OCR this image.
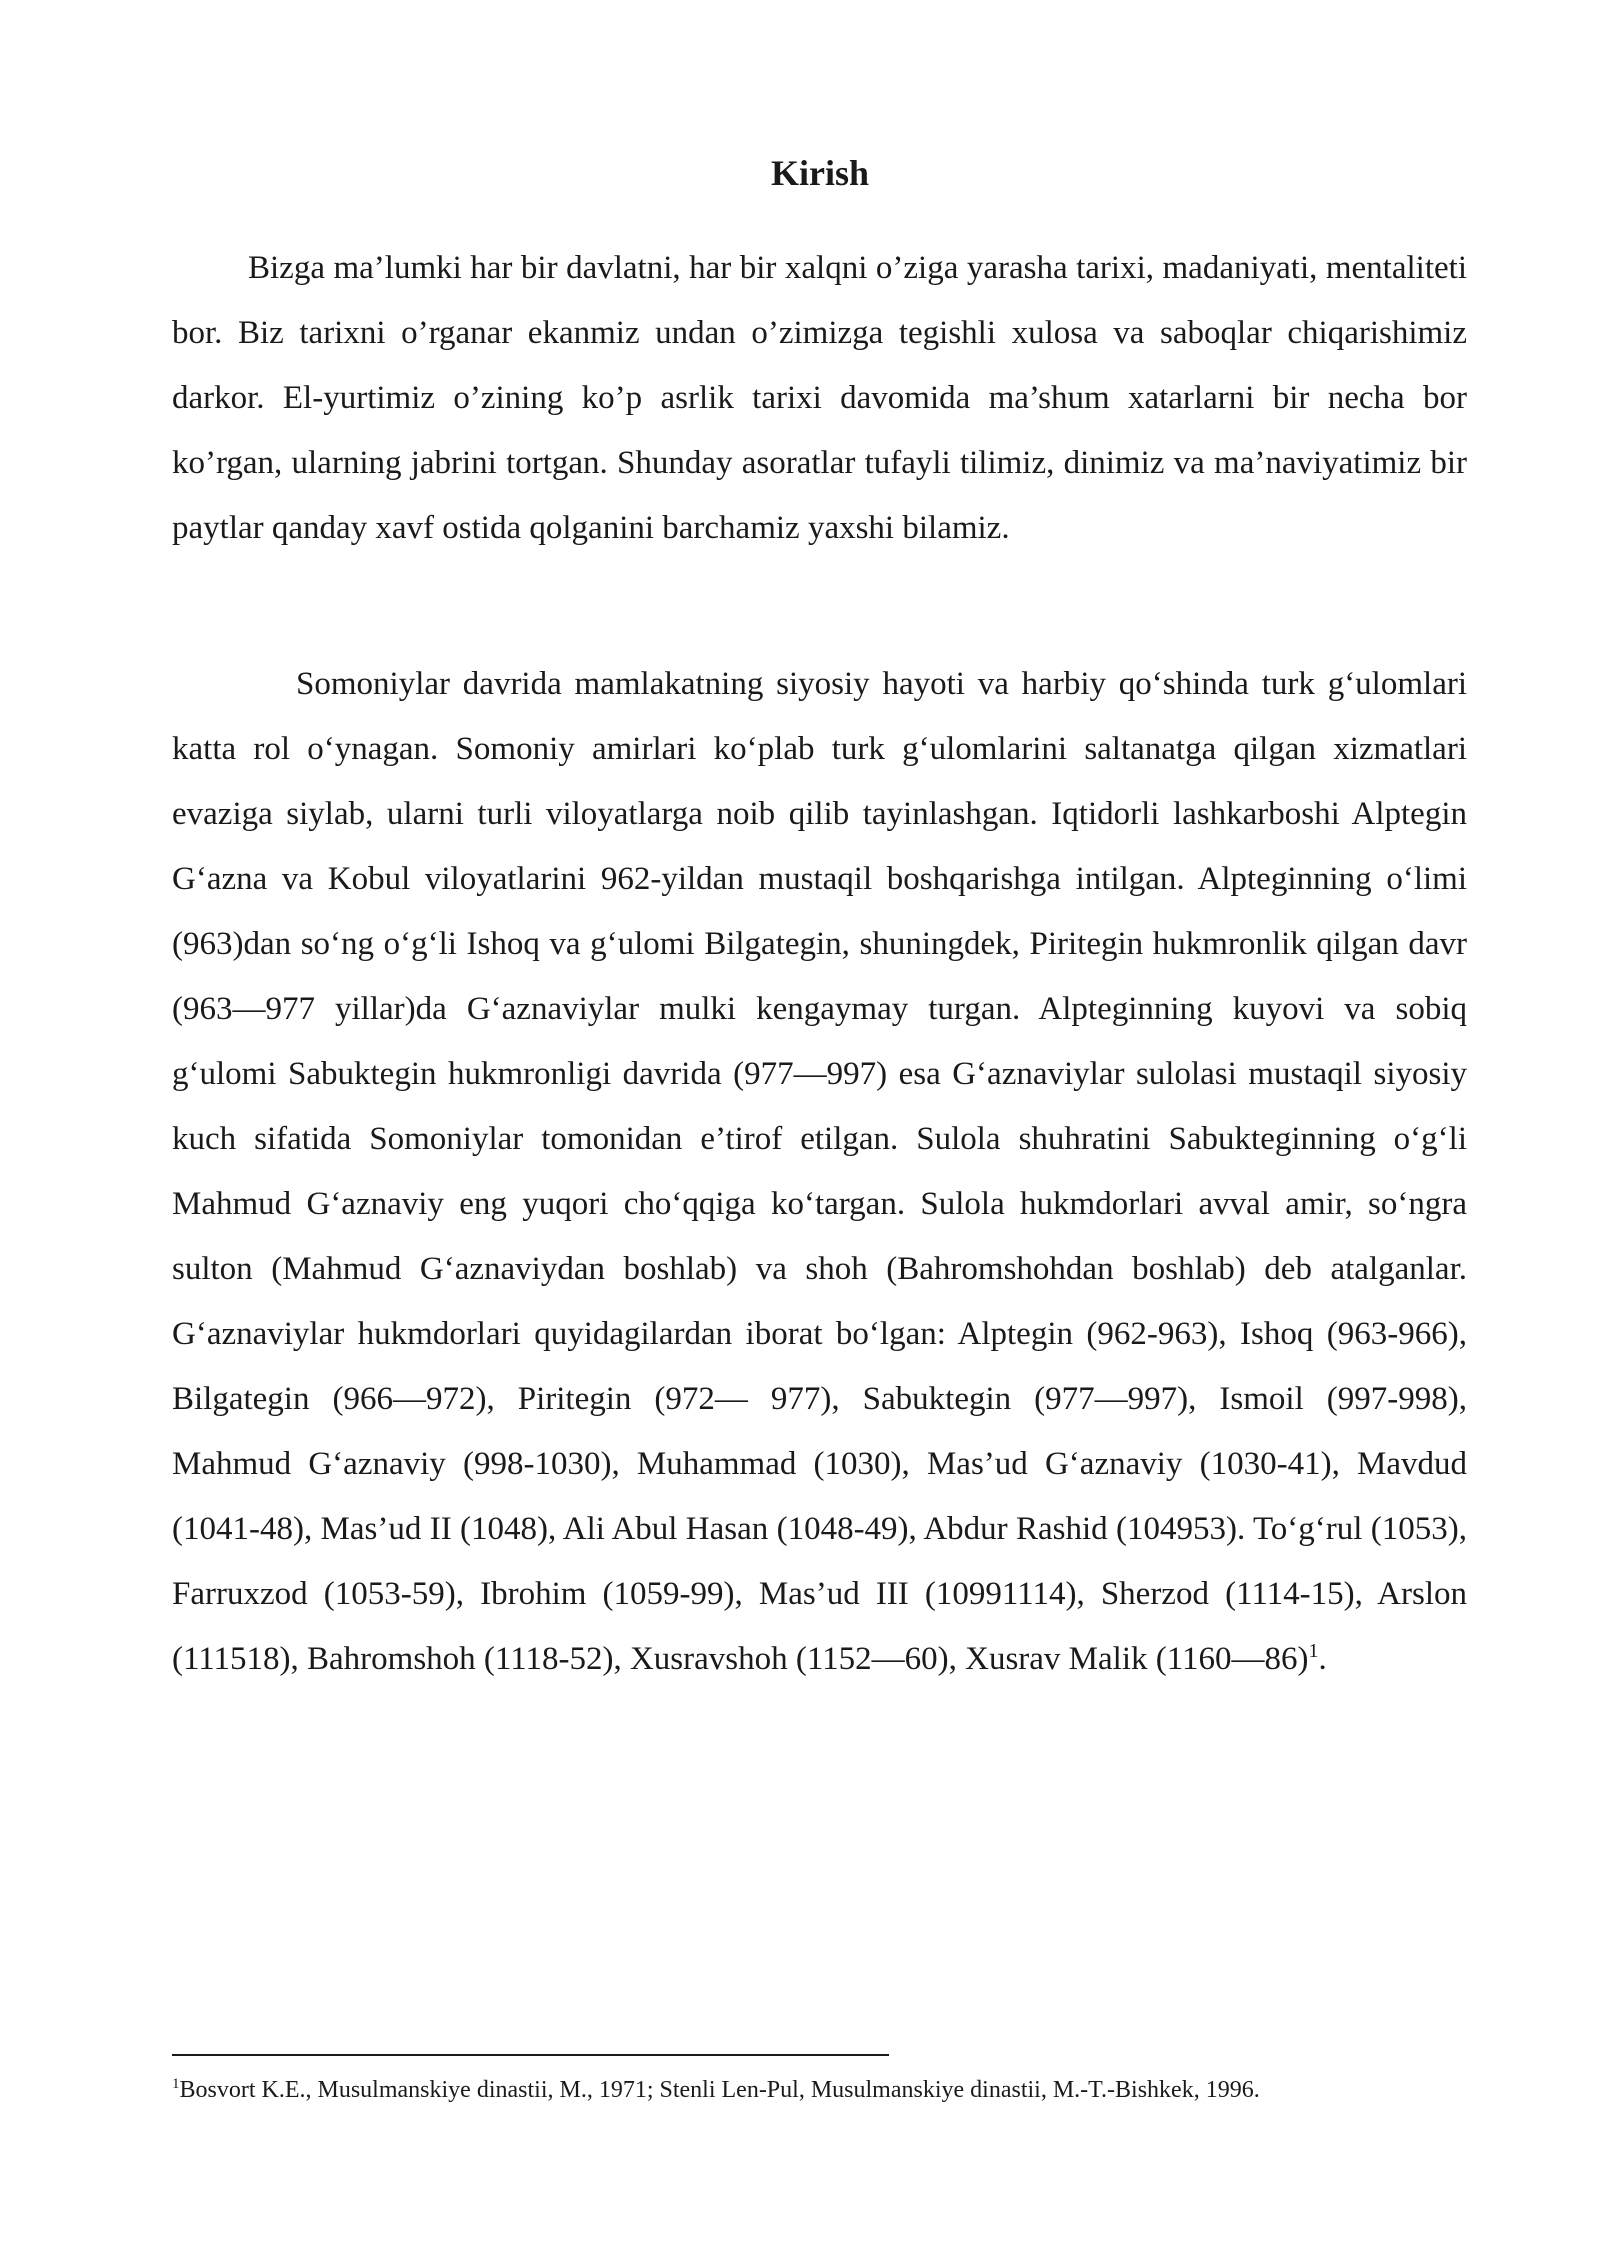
Kirish

Bizga ma’lumki har bir davlatni, har bir xalqni o’ziga yarasha tarixi, madaniyati, mentaliteti bor. Biz tarixni o’rganar ekanmiz undan o’zimizga tegishli xulosa va saboqlar chiqarishimiz darkor. El-yurtimiz o’zining ko’p asrlik tarixi davomida ma’shum xatarlarni bir necha bor ko’rgan, ularning jabrini tortgan. Shunday asoratlar tufayli tilimiz, dinimiz va ma’naviyatimiz bir paytlar qanday xavf ostida qolganini barchamiz yaxshi bilamiz.

Somoniylar davrida mamlakatning siyosiy hayoti va harbiy qo‘shinda turk g‘ulomlari katta rol o‘ynagan. Somoniy amirlari ko‘plab turk g‘ulomlarini saltanatga qilgan xizmatlari evaziga siylab, ularni turli viloyatlarga noib qilib tayinlashgan. Iqtidorli lashkarboshi Alptegin G‘azna va Kobul viloyatlarini 962-yildan mustaqil boshqarishga intilgan. Alpteginning o‘limi (963)dan so‘ng o‘g‘li Ishoq va g‘ulomi Bilgategin, shuningdek, Piritegin hukmronlik qilgan davr (963—977 yillar)da G‘aznaviylar mulki kengaymay turgan. Alpteginning kuyovi va sobiq g‘ulomi Sabuktegin hukmronligi davrida (977—997) esa G‘aznaviylar sulolasi mustaqil siyosiy kuch sifatida Somoniylar tomonidan e’tirof etilgan. Sulola shuhratini Sabukteginning o‘g‘li Mahmud G‘aznaviy eng yuqori cho‘qqiga ko‘targan. Sulola hukmdorlari avval amir, so‘ngra sulton (Mahmud G‘aznaviydan boshlab) va shoh (Bahromshohdan boshlab) deb atalganlar. G‘aznaviylar hukmdorlari quyidagilardan iborat bo‘lgan: Alptegin (962-963), Ishoq (963-966), Bilgategin (966—972), Piritegin (972— 977), Sabuktegin (977—997), Ismoil (997-998), Mahmud G‘aznaviy (998-1030), Muhammad (1030), Mas’ud G‘aznaviy (1030-41), Mavdud (1041-48), Mas’ud II (1048), Ali Abul Hasan (1048-49), Abdur Rashid (104953). To‘g‘rul (1053), Farruxzod (1053-59), Ibrohim (1059-99), Mas’ud III (10991114), Sherzod (1114-15), Arslon (111518), Bahromshoh (1118-52), Xusravshoh (1152—60), Xusrav Malik (1160—86)$^1$.

$^1$Bosvort K.E., Musulmanskiye dinastii, M., 1971; Stenli Len-Pul, Musulmanskiye dinastii, M.-T.-Bishkek, 1996.
